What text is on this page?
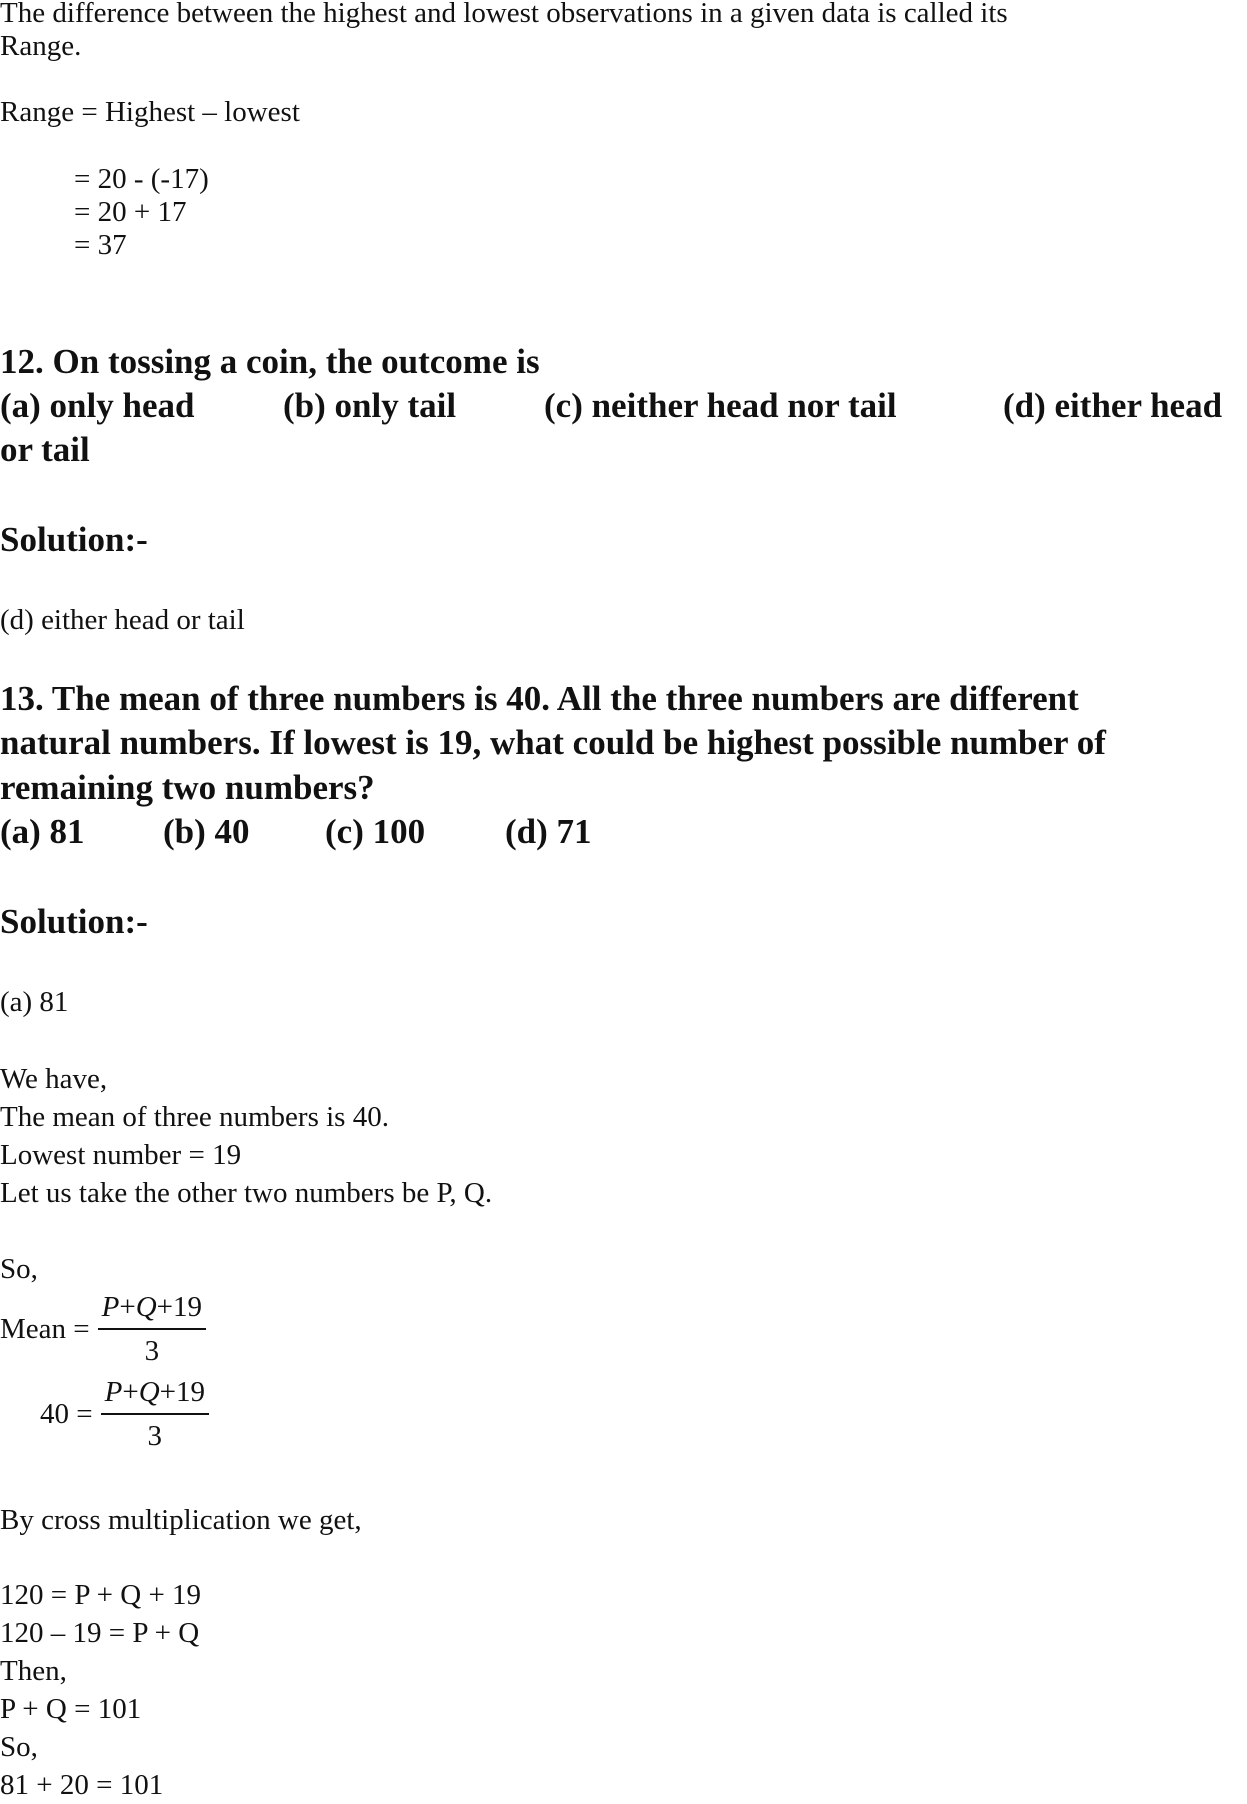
The difference between the highest and lowest observations in a given data is called its
Range.
Range = Highest – lowest
= 20 - (-17)
= 20 + 17
= 37
12. On tossing a coin, the outcome is
(a) only head	(b) only tail	(c) neither head nor tail	(d) either head
or tail
Solution:-
(d) either head or tail
13. The mean of three numbers is 40. All the three numbers are different
natural numbers. If lowest is 19, what could be highest possible number of
remaining two numbers?
(a) 81 (b) 40 (c) 100 (d) 71
Solution:-
(a) 81
We have,
The mean of three numbers is 40.
Lowest number = 19
Let us take the other two numbers be P, Q.
So,
Mean = $\frac{P+Q+19}{3}$
$40 = \frac{P+Q+19}{3}$
By cross multiplication we get,
120 = P + Q + 19
120 – 19 = P + Q
Then,
P + Q = 101
So,
81 + 20 = 101
